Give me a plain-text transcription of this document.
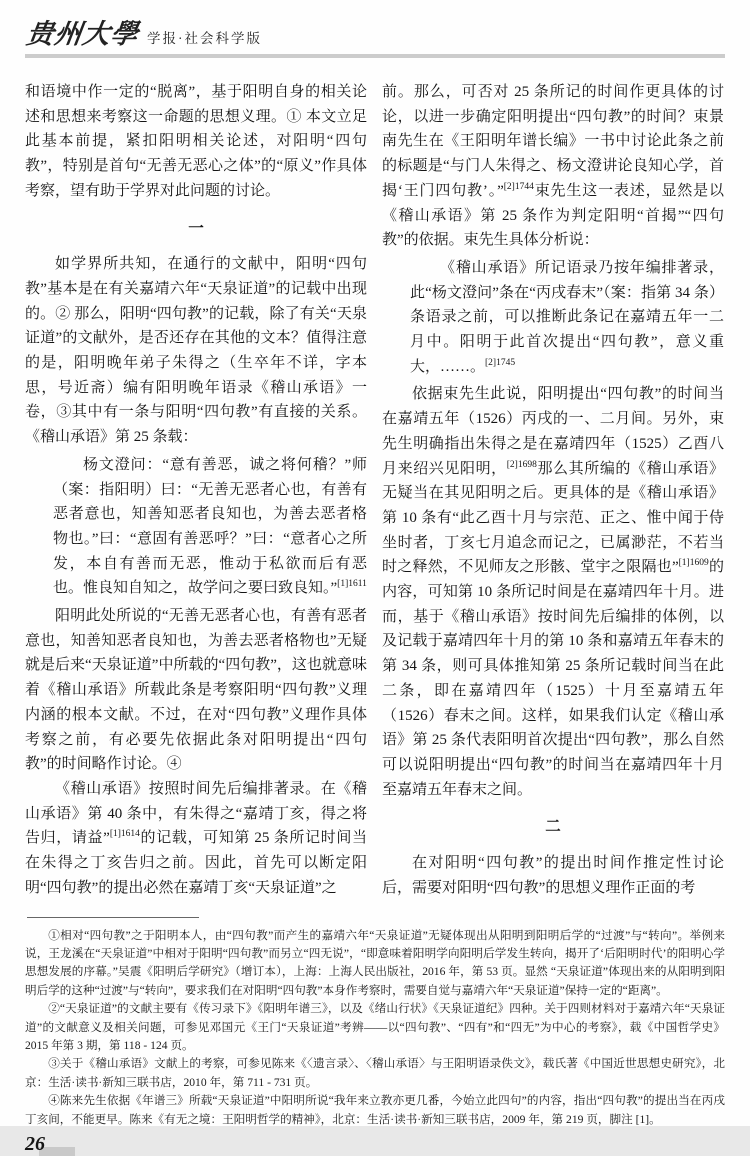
贵州大學 学报·社会科学版

和语境中作一定的“脱离”，基于阳明自身的相关论述和思想来考察这一命题的思想义理。① 本文立足此基本前提，紧扣阳明相关论述，对阳明“四句教”，特别是首句“无善无恶心之体”的“原义”作具体考察，望有助于学界对此问题的讨论。

一

如学界所共知，在通行的文献中，阳明“四句教”基本是在有关嘉靖六年“天泉证道”的记载中出现的。② 那么，阳明“四句教”的记载，除了有关“天泉证道”的文献外，是否还存在其他的文本？值得注意的是，阳明晚年弟子朱得之（生卒年不详，字本思，号近斋）编有阳明晚年语录《稽山承语》一卷，③其中有一条与阳明“四句教”有直接的关系。《稽山承语》第 25 条载：

杨文澄问：“意有善恶，诚之将何稽？”师（案：指阳明）曰：“无善无恶者心也，有善有恶者意也，知善知恶者良知也，为善去恶者格物也。”曰：“意固有善恶呼？”曰：“意者心之所发，本自有善而无恶，惟动于私欲而后有恶也。惟良知自知之，故学问之要曰致良知。”$^{[1]1611}$

阳明此处所说的“无善无恶者心也，有善有恶者意也，知善知恶者良知也，为善去恶者格物也”无疑就是后来“天泉证道”中所载的“四句教”，这也就意味着《稽山承语》所载此条是考察阳明“四句教”义理内涵的根本文献。不过，在对“四句教”义理作具体考察之前，有必要先依据此条对阳明提出“四句教”的时间略作讨论。④

《稽山承语》按照时间先后编排著录。在《稽山承语》第 40 条中，有朱得之“嘉靖丁亥，得之将告归，请益”$^{[1]1614}$的记载，可知第 25 条所记时间当在朱得之丁亥告归之前。因此，首先可以断定阳明“四句教”的提出必然在嘉靖丁亥“天泉证道”之

前。那么，可否对 25 条所记的时间作更具体的讨论，以进一步确定阳明提出“四句教”的时间？束景南先生在《王阳明年谱长编》一书中讨论此条之前的标题是“与门人朱得之、杨文澄讲论良知心学，首揭‘王门四句教’。”$^{[2]1744}$束先生这一表述，显然是以《稽山承语》第 25 条作为判定阳明“首揭”“四句教”的依据。束先生具体分析说：

《稽山承语》所记语录乃按年编排著录，此“杨文澄问”条在“丙戌春末”（案：指第 34 条）条语录之前，可以推断此条记在嘉靖五年一二月中。阳明于此首次提出“四句教”，意义重大，……。$^{[2]1745}$

依据束先生此说，阳明提出“四句教”的时间当在嘉靖五年（1526）丙戌的一、二月间。另外，束先生明确指出朱得之是在嘉靖四年（1525）乙酉八月来绍兴见阳明，$^{[2]1698}$那么其所编的《稽山承语》无疑当在其见阳明之后。更具体的是《稽山承语》第 10 条有“此乙酉十月与宗范、正之、惟中闻于侍坐时者，丁亥七月追念而记之，已属渺茫，不若当时之释然，不见师友之形骸、堂宇之限隔也”$^{[1]1609}$的内容，可知第 10 条所记时间是在嘉靖四年十月。进而，基于《稽山承语》按时间先后编排的体例，以及记载于嘉靖四年十月的第 10 条和嘉靖五年春末的第 34 条，则可具体推知第 25 条所记载时间当在此二条，即在嘉靖四年（1525）十月至嘉靖五年（1526）春末之间。这样，如果我们认定《稽山承语》第 25 条代表阳明首次提出“四句教”，那么自然可以说阳明提出“四句教”的时间当在嘉靖四年十月至嘉靖五年春末之间。

二

在对阳明“四句教”的提出时间作推定性讨论后，需要对阳明“四句教”的思想义理作正面的考

①相对“四句教”之于阳明本人，由“四句教”而产生的嘉靖六年“天泉证道”无疑体现出从阳明到阳明后学的“过渡”与“转向”。举例来说，王龙溪在“天泉证道”中相对于阳明“四句教”而另立“四无说”，“即意味着阳明学向阳明后学发生转向，揭开了‘后阳明时代’的阳明心学思想发展的序幕。”吴震《阳明后学研究》（增订本），上海：上海人民出版社，2016 年，第 53 页。显然 “天泉证道”体现出来的从阳明到阳明后学的这种“过渡”与“转向”，要求我们在对阳明“四句教”本身作考察时，需要自觉与嘉靖六年“天泉证道”保持一定的“距离”。

②“天泉证道”的文献主要有《传习录下》《阳明年谱三》，以及《绪山行状》《天泉证道纪》四种。关于四则材料对于嘉靖六年“天泉证道”的文献意义及相关问题，可参见邓国元《王门“天泉证道”考辨——以“四句教”、“四有”和“四无”为中心的考察》，载《中国哲学史》2015 年第 3 期，第 118 - 124 页。

③关于《稽山承语》文献上的考察，可参见陈来《〈遗言录〉、〈稽山承语〉与王阳明语录佚文》，载氏著《中国近世思想史研究》，北京：生活·读书·新知三联书店，2010 年，第 711 - 731 页。

④陈来先生依据《年谱三》所载“天泉证道”中阳明所说“我年来立教亦更几番，今始立此四句”的内容，指出“四句教”的提出当在丙戌丁亥间，不能更早。陈来《有无之境：王阳明哲学的精神》，北京：生活·读书·新知三联书店，2009 年，第 219 页，脚注 [1]。

26
